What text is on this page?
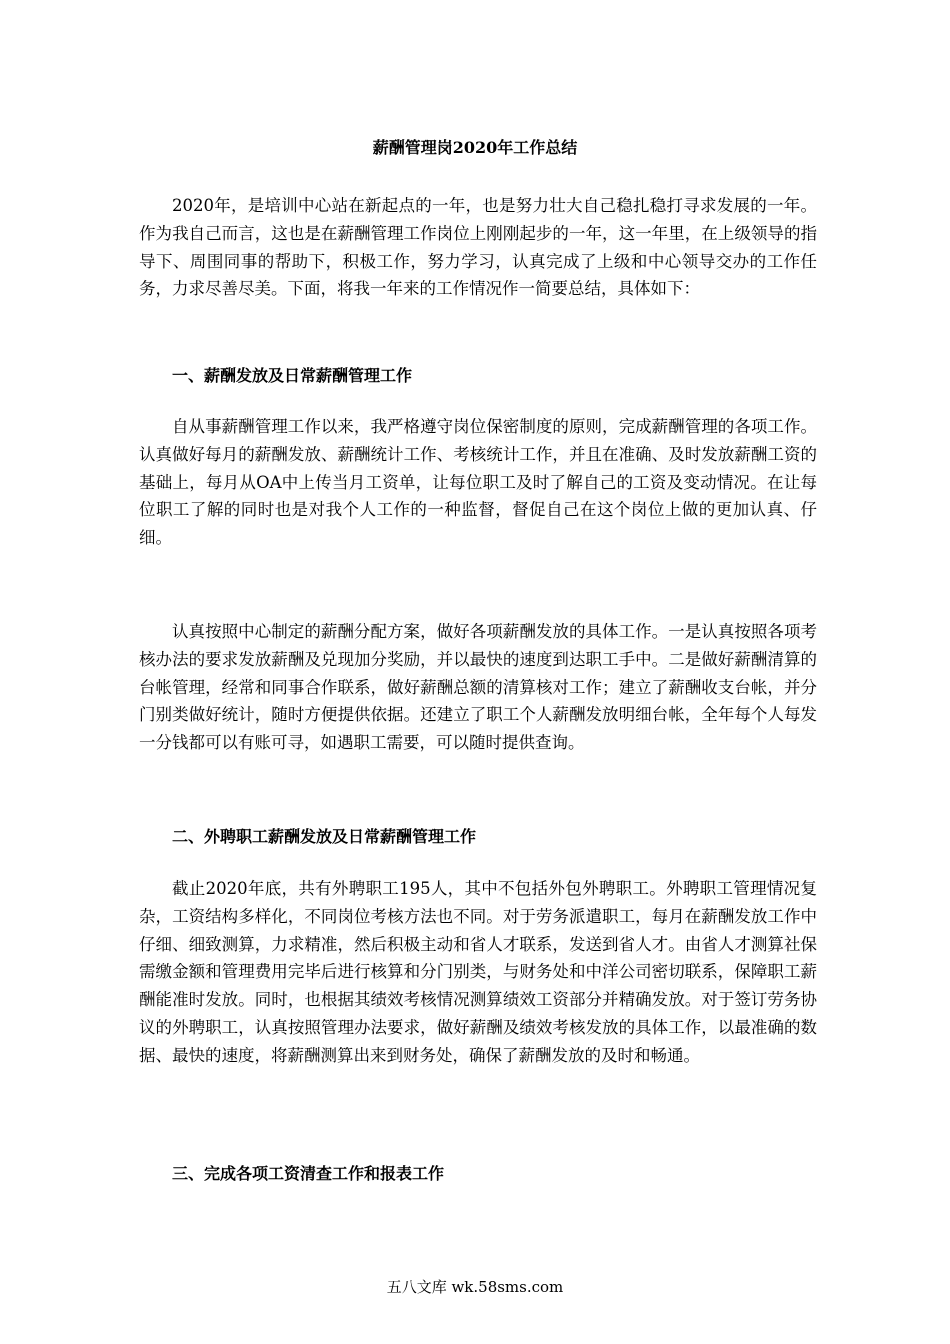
薪酬管理岗2020年工作总结

2020年，是培训中心站在新起点的一年，也是努力壮大自己稳扎稳打寻求发展的一年。作为我自己而言，这也是在薪酬管理工作岗位上刚刚起步的一年，这一年里，在上级领导的指导下、周围同事的帮助下，积极工作，努力学习，认真完成了上级和中心领导交办的工作任务，力求尽善尽美。下面，将我一年来的工作情况作一简要总结，具体如下：

一、薪酬发放及日常薪酬管理工作

自从事薪酬管理工作以来，我严格遵守岗位保密制度的原则，完成薪酬管理的各项工作。认真做好每月的薪酬发放、薪酬统计工作、考核统计工作，并且在准确、及时发放薪酬工资的基础上，每月从OA中上传当月工资单，让每位职工及时了解自己的工资及变动情况。在让每位职工了解的同时也是对我个人工作的一种监督，督促自己在这个岗位上做的更加认真、仔细。

认真按照中心制定的薪酬分配方案，做好各项薪酬发放的具体工作。一是认真按照各项考核办法的要求发放薪酬及兑现加分奖励，并以最快的速度到达职工手中。二是做好薪酬清算的台帐管理，经常和同事合作联系，做好薪酬总额的清算核对工作；建立了薪酬收支台帐，并分门别类做好统计，随时方便提供依据。还建立了职工个人薪酬发放明细台帐，全年每个人每发一分钱都可以有账可寻，如遇职工需要，可以随时提供查询。

二、外聘职工薪酬发放及日常薪酬管理工作

截止2020年底，共有外聘职工195人，其中不包括外包外聘职工。外聘职工管理情况复杂，工资结构多样化，不同岗位考核方法也不同。对于劳务派遣职工，每月在薪酬发放工作中仔细、细致测算，力求精准，然后积极主动和省人才联系，发送到省人才。由省人才测算社保需缴金额和管理费用完毕后进行核算和分门别类，与财务处和中洋公司密切联系，保障职工薪酬能准时发放。同时，也根据其绩效考核情况测算绩效工资部分并精确发放。对于签订劳务协议的外聘职工，认真按照管理办法要求，做好薪酬及绩效考核发放的具体工作，以最准确的数据、最快的速度，将薪酬测算出来到财务处，确保了薪酬发放的及时和畅通。

三、完成各项工资清查工作和报表工作
五八文库 wk.58sms.com
